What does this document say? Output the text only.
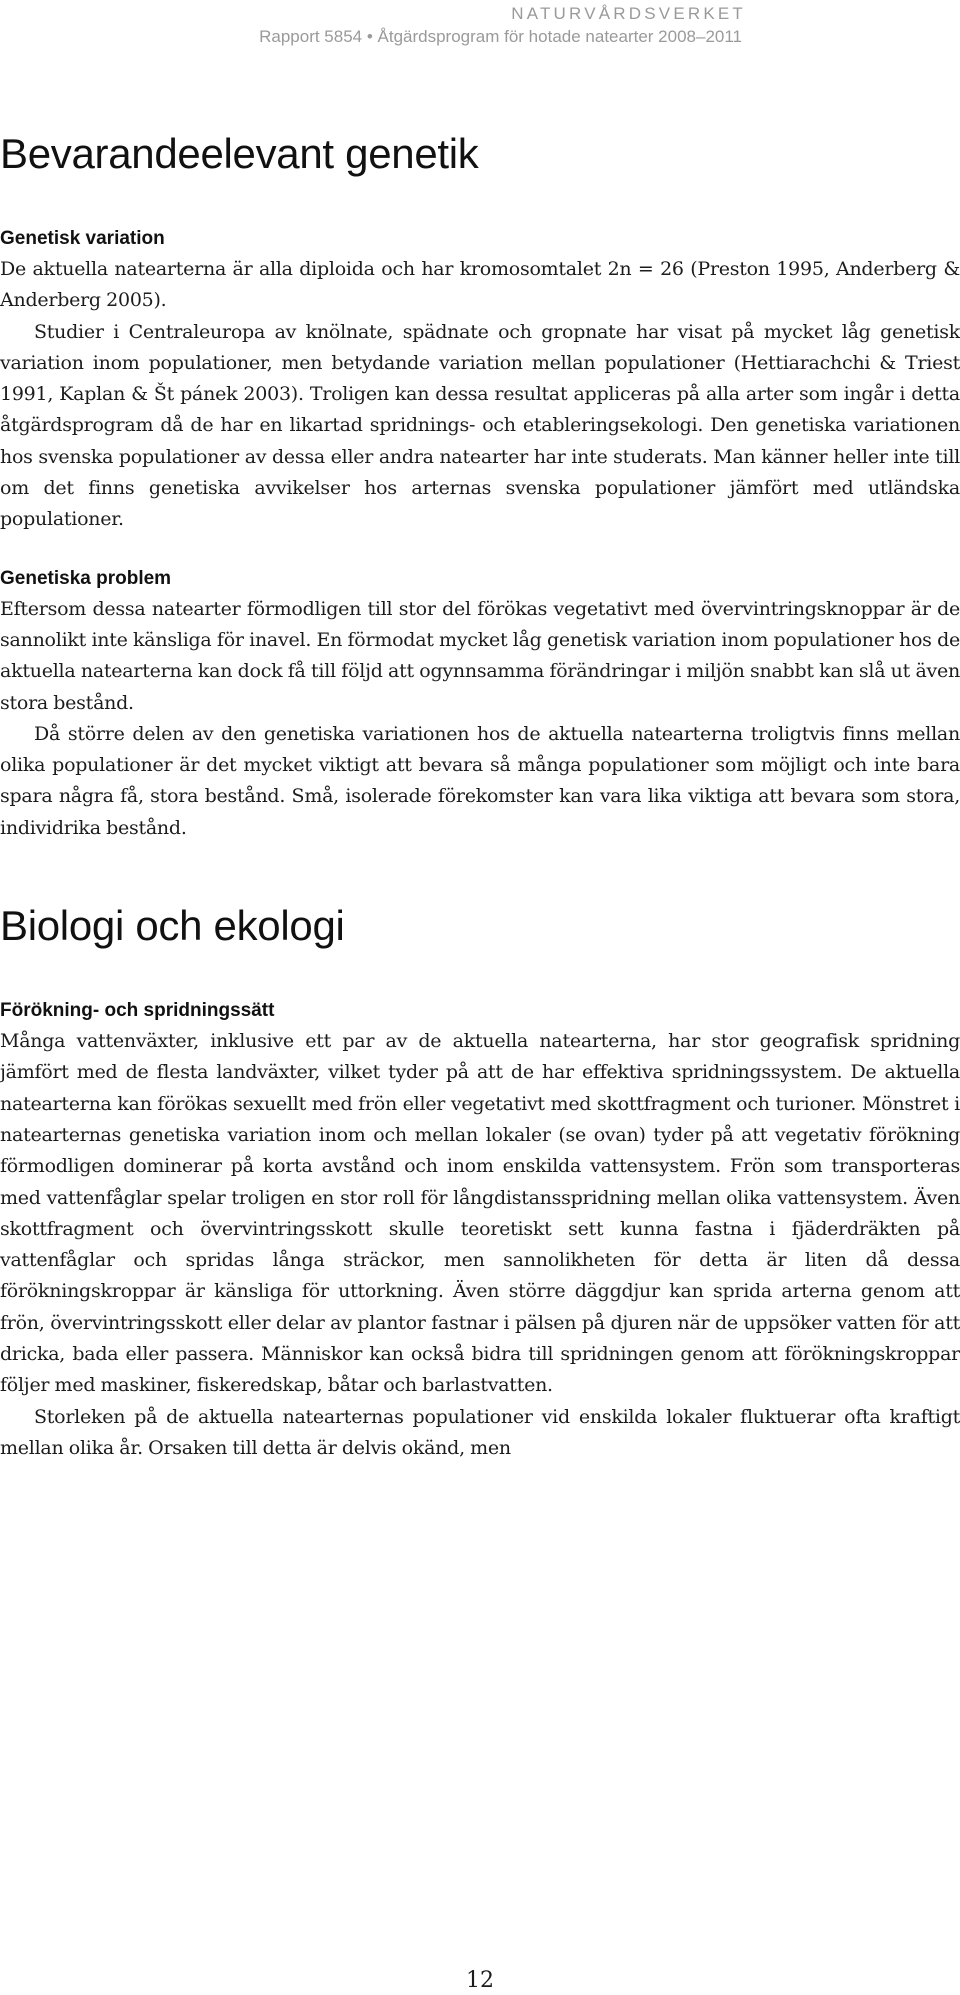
NATURVÅRDSVERKET
Rapport 5854 • Åtgärdsprogram för hotade natearter 2008–2011
Bevarandeelevant genetik
Genetisk variation

De aktuella natearterna är alla diploida och har kromosomtalet 2n = 26 (Preston 1995, Anderberg & Anderberg 2005).

Studier i Centraleuropa av knölnate, spädnate och gropnate har visat på mycket låg genetisk variation inom populationer, men betydande variation mellan populationer (Hettiarachchi & Triest 1991, Kaplan & Št pánek 2003). Troligen kan dessa resultat appliceras på alla arter som ingår i detta åtgärdsprogram då de har en likartad spridnings- och etableringsekologi. Den genetiska variationen hos svenska populationer av dessa eller andra natearter har inte studerats. Man känner heller inte till om det finns genetiska avvikelser hos arternas svenska populationer jämfört med utländska populationer.

Genetiska problem

Eftersom dessa natearter förmodligen till stor del förökas vegetativt med övervintringsknoppar är de sannolikt inte känsliga för inavel. En förmodat mycket låg genetisk variation inom populationer hos de aktuella natearterna kan dock få till följd att ogynnsamma förändringar i miljön snabbt kan slå ut även stora bestånd.

Då större delen av den genetiska variationen hos de aktuella natearterna troligtvis finns mellan olika populationer är det mycket viktigt att bevara så många populationer som möjligt och inte bara spara några få, stora bestånd. Små, isolerade förekomster kan vara lika viktiga att bevara som stora, individrika bestånd.

Biologi och ekologi
Förökning- och spridningssätt

Många vattenväxter, inklusive ett par av de aktuella natearterna, har stor geografisk spridning jämfört med de flesta landväxter, vilket tyder på att de har effektiva spridningssystem. De aktuella natearterna kan förökas sexuellt med frön eller vegetativt med skottfragment och turioner. Mönstret i natearternas genetiska variation inom och mellan lokaler (se ovan) tyder på att vegetativ förökning förmodligen dominerar på korta avstånd och inom enskilda vattensystem. Frön som transporteras med vattenfåglar spelar troligen en stor roll för långdistansspridning mellan olika vattensystem. Även skottfragment och övervintringsskott skulle teoretiskt sett kunna fastna i fjäderdräkten på vattenfåglar och spridas långa sträckor, men sannolikheten för detta är liten då dessa förökningskroppar är känsliga för uttorkning. Även större däggdjur kan sprida arterna genom att frön, övervintringsskott eller delar av plantor fastnar i pälsen på djuren när de uppsöker vatten för att dricka, bada eller passera. Människor kan också bidra till spridningen genom att förökningskroppar följer med maskiner, fiskeredskap, båtar och barlastvatten.

Storleken på de aktuella natearternas populationer vid enskilda lokaler fluktuerar ofta kraftigt mellan olika år. Orsaken till detta är delvis okänd, men

12
